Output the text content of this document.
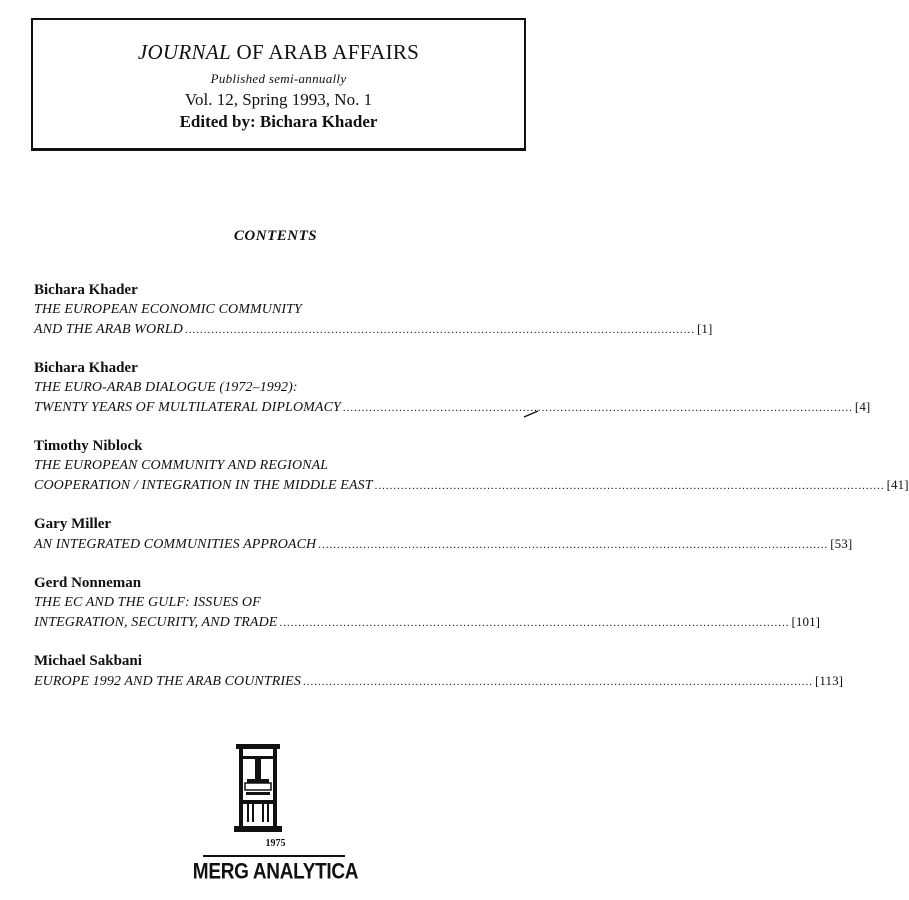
JOURNAL OF ARAB AFFAIRS
Published semi-annually
Vol. 12, Spring 1993, No. 1
Edited by: Bichara Khader
CONTENTS
Bichara Khader
THE EUROPEAN ECONOMIC COMMUNITY
AND THE ARAB WORLD ........................................................................................................................................ [1]
Bichara Khader
THE EURO-ARAB DIALOGUE (1972–1992):
TWENTY YEARS OF MULTILATERAL DIPLOMACY ........................................................................................................................................ [4]
Timothy Niblock
THE EUROPEAN COMMUNITY AND REGIONAL
COOPERATION / INTEGRATION IN THE MIDDLE EAST ........................................................................................................................................ [41]
Gary Miller
AN INTEGRATED COMMUNITIES APPROACH ........................................................................................................................................ [53]
Gerd Nonneman
THE EC AND THE GULF: ISSUES OF
INTEGRATION, SECURITY, AND TRADE ........................................................................................................................................ [101]
Michael Sakbani
EUROPE 1992 AND THE ARAB COUNTRIES ........................................................................................................................................ [113]
1975
MERG ANALYTICA
